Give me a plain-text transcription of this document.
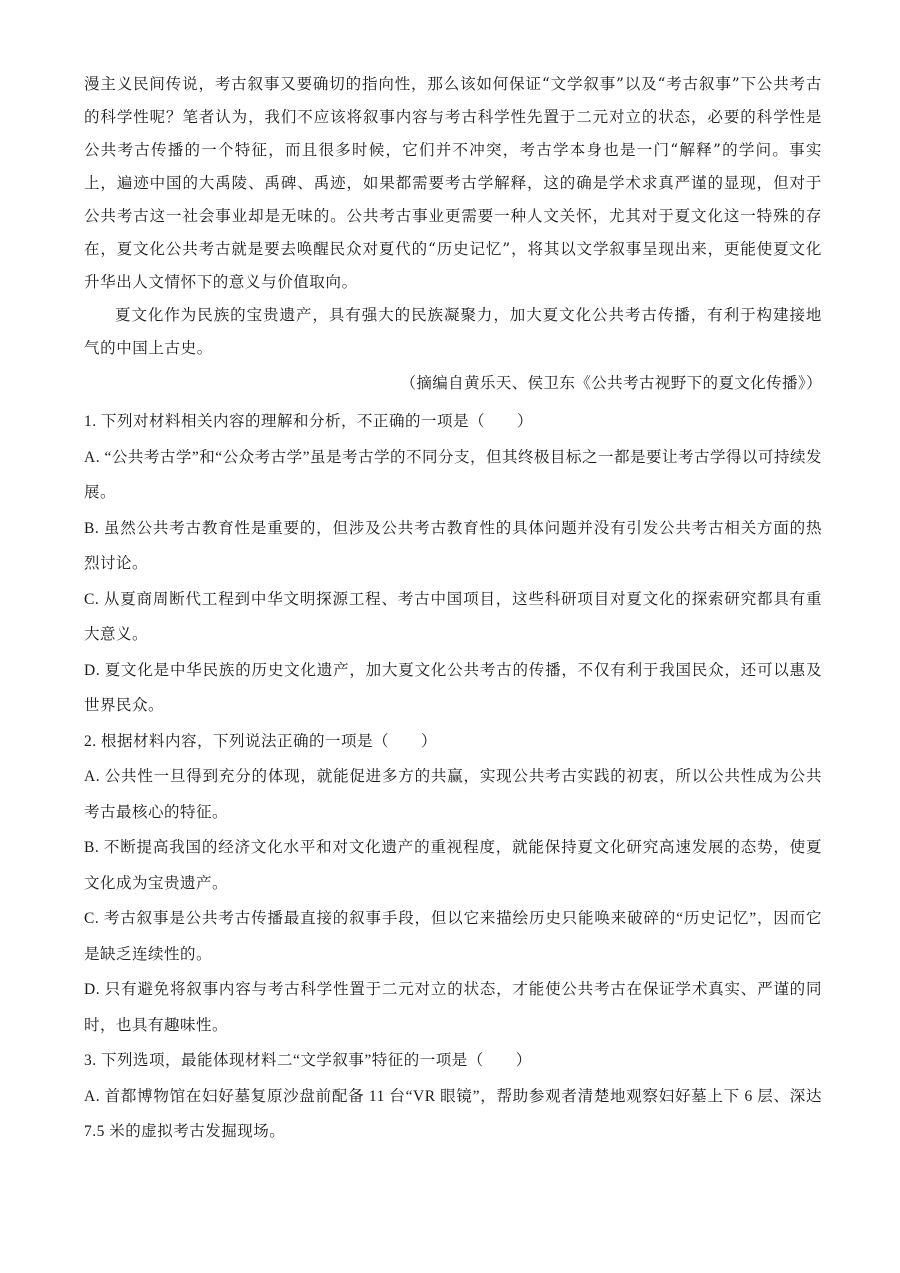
漫主义民间传说，考古叙事又要确切的指向性，那么该如何保证“文学叙事”以及“考古叙事”下公共考古的科学性呢？笔者认为，我们不应该将叙事内容与考古科学性先置于二元对立的状态，必要的科学性是公共考古传播的一个特征，而且很多时候，它们并不冲突，考古学本身也是一门“解释”的学问。事实上，遍迹中国的大禹陵、禹碑、禹迹，如果都需要考古学解释，这的确是学术求真严谨的显现，但对于公共考古这一社会事业却是无味的。公共考古事业更需要一种人文关怀，尤其对于夏文化这一特殊的存在，夏文化公共考古就是要去唤醒民众对夏代的“历史记忆”，将其以文学叙事呈现出来，更能使夏文化升华出人文情怀下的意义与价值取向。

夏文化作为民族的宝贵遗产，具有强大的民族凝聚力，加大夏文化公共考古传播，有利于构建接地气的中国上古史。

（摘编自黄乐天、侯卫东《公共考古视野下的夏文化传播》）

1. 下列对材料相关内容的理解和分析，不正确的一项是（　　）

A. “公共考古学”和“公众考古学”虽是考古学的不同分支，但其终极目标之一都是要让考古学得以可持续发展。

B. 虽然公共考古教育性是重要的，但涉及公共考古教育性的具体问题并没有引发公共考古相关方面的热烈讨论。

C. 从夏商周断代工程到中华文明探源工程、考古中国项目，这些科研项目对夏文化的探索研究都具有重大意义。

D. 夏文化是中华民族的历史文化遗产，加大夏文化公共考古的传播，不仅有利于我国民众，还可以惠及世界民众。

2. 根据材料内容，下列说法正确的一项是（　　）

A. 公共性一旦得到充分的体现，就能促进多方的共赢，实现公共考古实践的初衷，所以公共性成为公共考古最核心的特征。

B. 不断提高我国的经济文化水平和对文化遗产的重视程度，就能保持夏文化研究高速发展的态势，使夏文化成为宝贵遗产。

C. 考古叙事是公共考古传播最直接的叙事手段，但以它来描绘历史只能唤来破碎的“历史记忆”，因而它是缺乏连续性的。

D. 只有避免将叙事内容与考古科学性置于二元对立的状态，才能使公共考古在保证学术真实、严谨的同时，也具有趣味性。

3. 下列选项，最能体现材料二“文学叙事”特征的一项是（　　）

A. 首都博物馆在妇好墓复原沙盘前配备 11 台“VR 眼镜”，帮助参观者清楚地观察妇好墓上下 6 层、深达 7.5 米的虚拟考古发掘现场。
